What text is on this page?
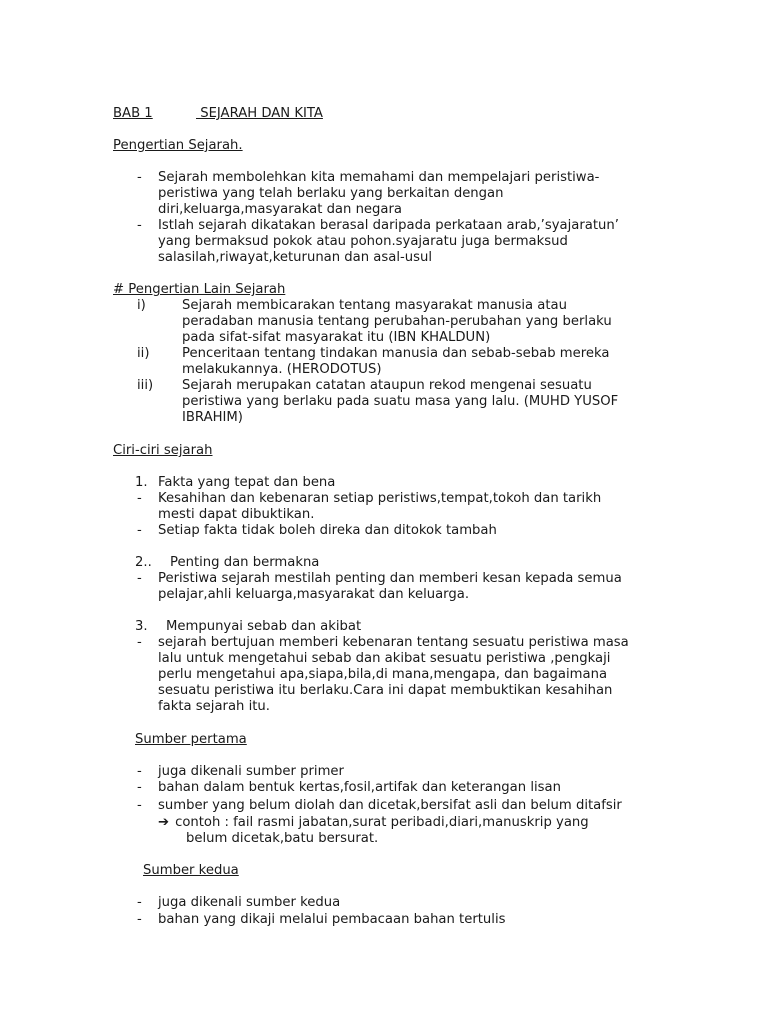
BAB 1	SEJARAH DAN KITA
Pengertian Sejarah.
- Sejarah membolehkan kita memahami dan mempelajari peristiwa-
peristiwa yang telah berlaku yang berkaitan dengan
diri,keluarga,masyarakat dan negara
- Istlah sejarah dikatakan berasal daripada perkataan arab,’syajaratun’
yang bermaksud pokok atau pohon.syajaratu juga bermaksud
salasilah,riwayat,keturunan dan asal-usul
# Pengertian Lain Sejarah
i)	Sejarah membicarakan tentang masyarakat manusia atau
peradaban manusia tentang perubahan-perubahan yang berlaku
pada sifat-sifat masyarakat itu (IBN KHALDUN)
ii) Penceritaan tentang tindakan manusia dan sebab-sebab mereka
melakukannya. (HERODOTUS)
iii) Sejarah merupakan catatan ataupun rekod mengenai sesuatu
peristiwa yang berlaku pada suatu masa yang lalu. (MUHD YUSOF
IBRAHIM)
Ciri-ciri sejarah
1. Fakta yang tepat dan bena
- Kesahihan dan kebenaran setiap peristiws,tempat,tokoh dan tarikh
mesti dapat dibuktikan.
- Setiap fakta tidak boleh direka dan ditokok tambah
2.. Penting dan bermakna
- Peristiwa sejarah mestilah penting dan memberi kesan kepada semua
pelajar,ahli keluarga,masyarakat dan keluarga.
3. Mempunyai sebab dan akibat
- sejarah bertujuan memberi kebenaran tentang sesuatu peristiwa masa
lalu untuk mengetahui sebab dan akibat sesuatu peristiwa ,pengkaji
perlu mengetahui apa,siapa,bila,di mana,mengapa, dan bagaimana
sesuatu peristiwa itu berlaku.Cara ini dapat membuktikan kesahihan
fakta sejarah itu.
Sumber pertama
- juga dikenali sumber primer
- bahan dalam bentuk kertas,fosil,artifak dan keterangan lisan
- sumber yang belum diolah dan dicetak,bersifat asli dan belum ditafsir
➔ contoh : fail rasmi jabatan,surat peribadi,diari,manuskrip yang
belum dicetak,batu bersurat.
Sumber kedua
- juga dikenali sumber kedua
- bahan yang dikaji melalui pembacaan bahan tertulis
